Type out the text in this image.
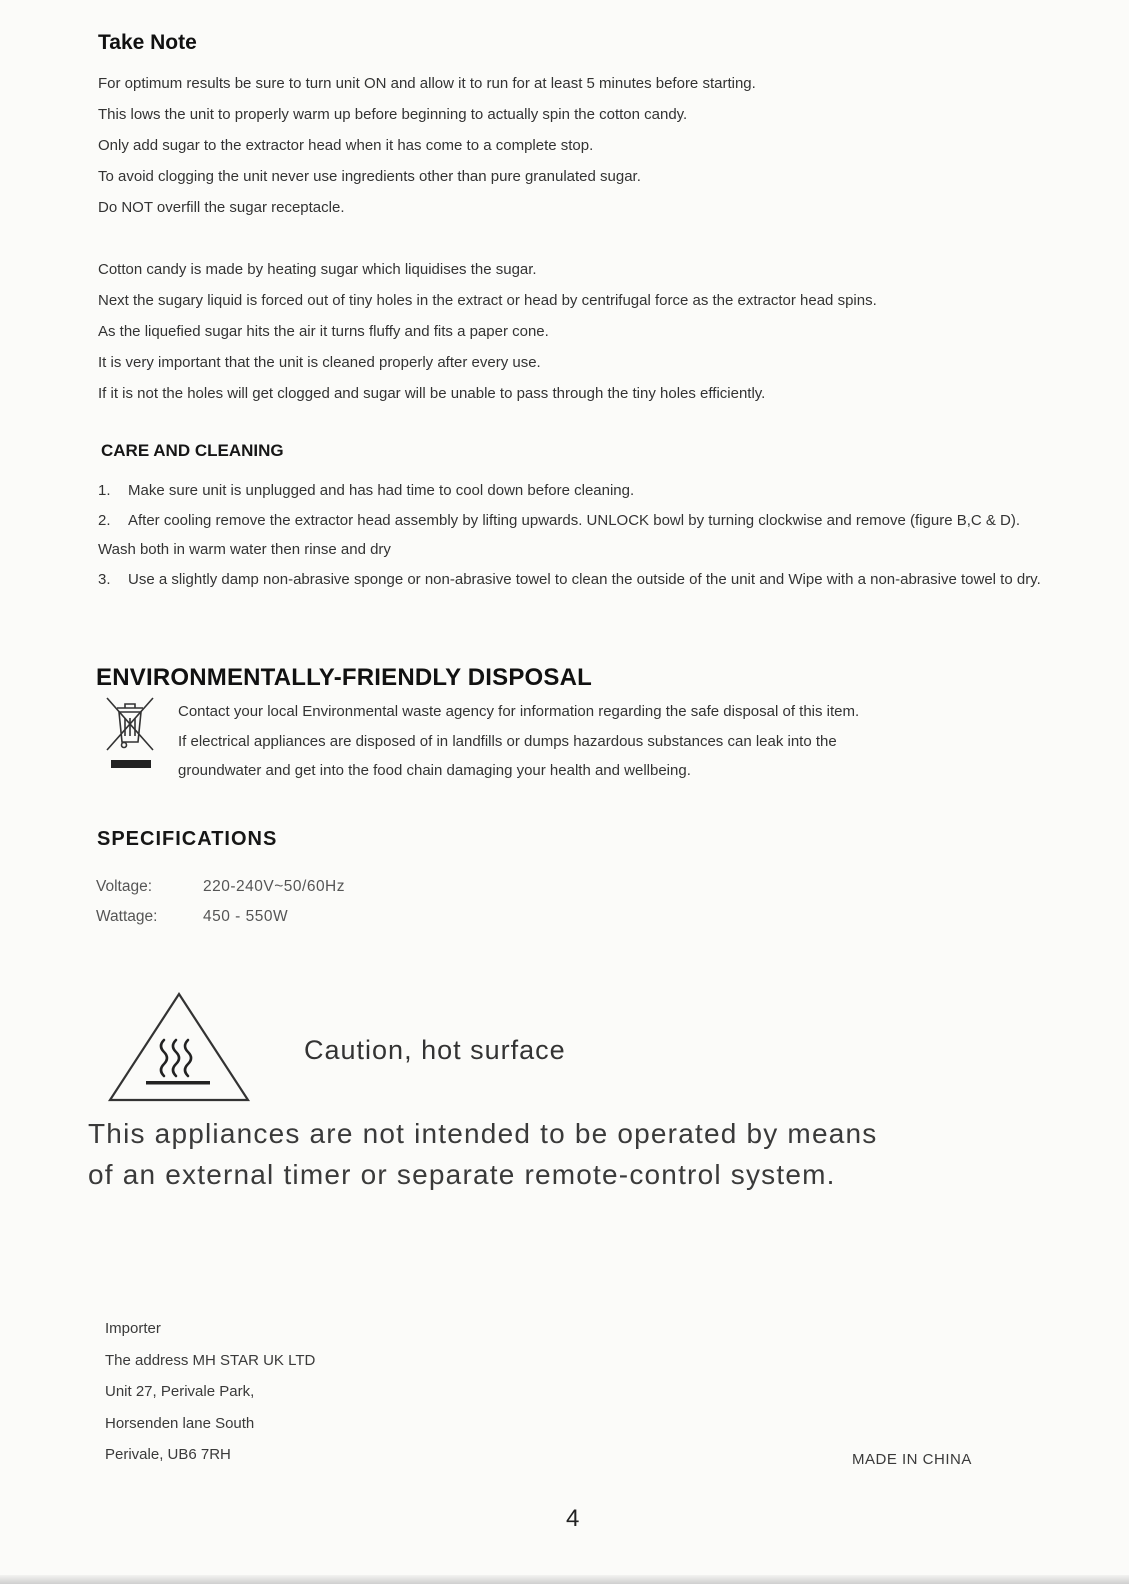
Take Note
For optimum results be sure to turn unit ON and allow it to run for at least 5 minutes before starting.
This lows the unit to properly warm up before beginning to actually spin the cotton candy.
Only add sugar to the extractor head when it has come to a complete stop.
To avoid clogging the unit never use ingredients other than pure granulated sugar.
Do NOT overfill the sugar receptacle.
Cotton candy is made by heating sugar which liquidises the sugar.
Next the sugary liquid is forced out of tiny holes in the extract or head by centrifugal force as the extractor head spins.
As the liquefied sugar hits the air it turns fluffy and fits a paper cone.
It is very important that the unit is cleaned properly after every use.
If it is not the holes will get clogged and sugar will be unable to pass through the tiny holes efficiently.
CARE AND CLEANING
1. Make sure unit is unplugged and has had time to cool down before cleaning.
2. After cooling remove the extractor head assembly by lifting upwards. UNLOCK bowl by turning clockwise and remove (figure B,C & D). Wash both in warm water then rinse and dry
3. Use a slightly damp non-abrasive sponge or non-abrasive towel to clean the outside of the unit and Wipe with a non-abrasive towel to dry.
ENVIRONMENTALLY-FRIENDLY DISPOSAL
Contact your local Environmental waste agency for information regarding the safe disposal of this item.
If electrical appliances are disposed of in landfills or dumps hazardous substances can leak into the
groundwater and get into the food chain damaging your health and wellbeing.
SPECIFICATIONS
Voltage:	220-240V~50/60Hz
Wattage:	450 - 550W
Caution, hot surface
This appliances are not intended to be operated by means
of an external timer or separate remote-control system.
Importer
The address MH STAR UK LTD
Unit 27, Perivale Park,
Horsenden lane South
Perivale, UB6 7RH	MADE IN CHINA
4
